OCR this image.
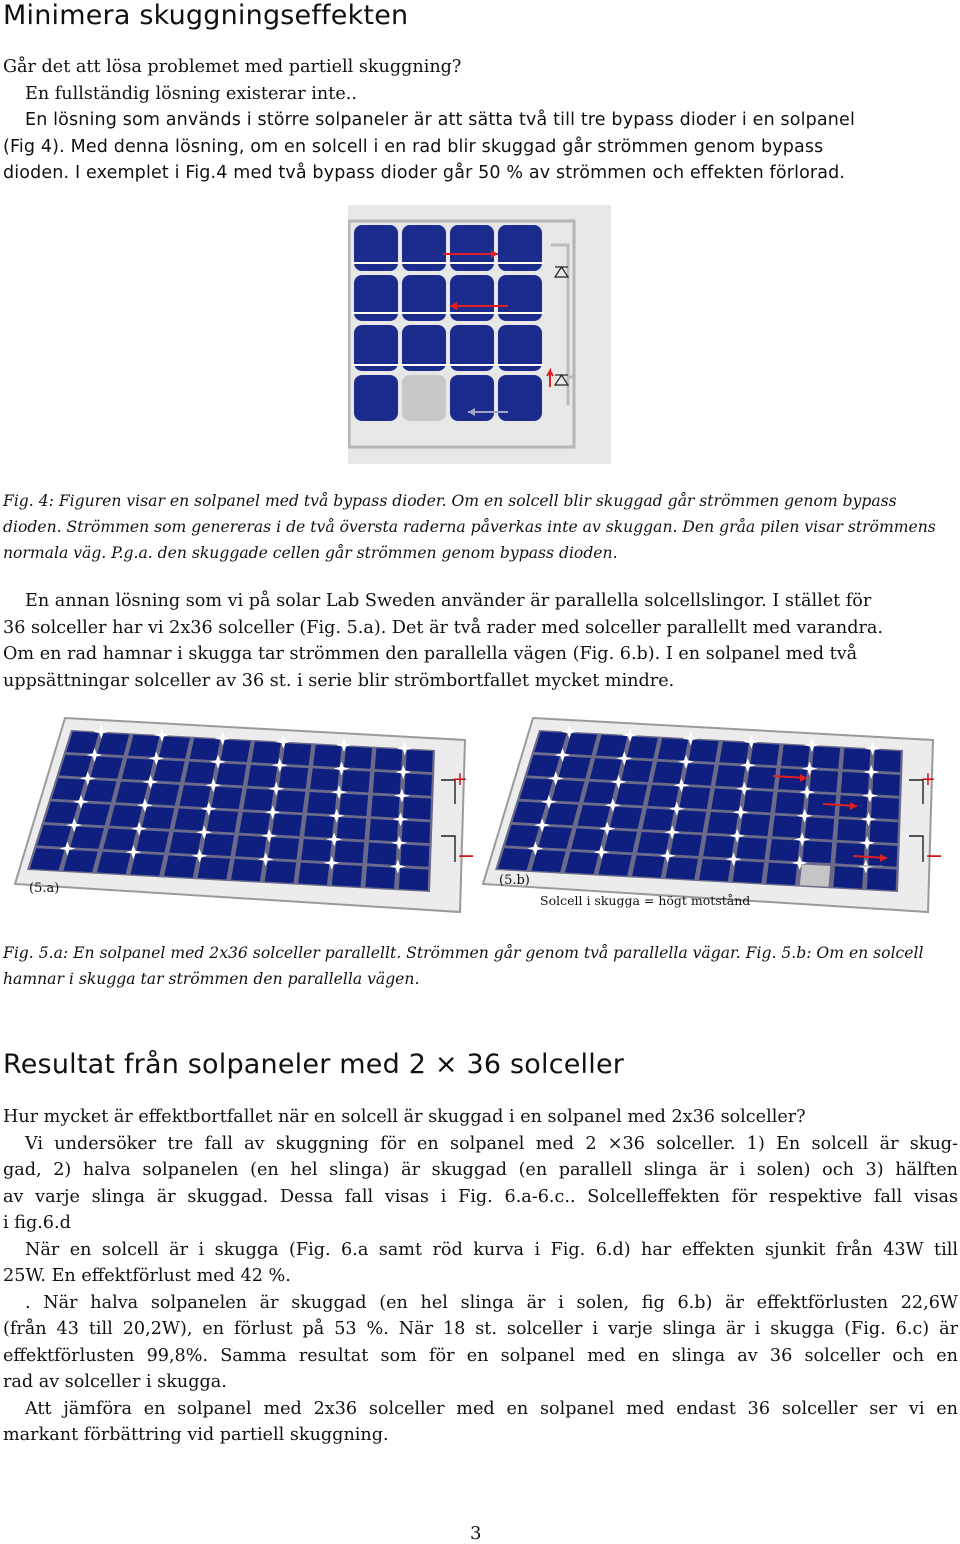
Minimera skuggningseffekten
Går det att lösa problemet med partiell skuggning?
En fullständig lösning existerar inte..
En lösning som används i större solpaneler är att sätta två till tre bypass dioder i en solpanel
(Fig 4). Med denna lösning, om en solcell i en rad blir skuggad går strömmen genom bypass
dioden. I exemplet i Fig.4 med två bypass dioder går 50 % av strömmen och effekten förlorad.
Fig. 4: Figuren visar en solpanel med två bypass dioder. Om en solcell blir skuggad går strömmen genom bypass
dioden. Strömmen som genereras i de två översta raderna påverkas inte av skuggan. Den gråa pilen visar strömmens
normala väg. P.g.a. den skuggade cellen går strömmen genom bypass dioden.
En annan lösning som vi på solar Lab Sweden använder är parallella solcellslingor. I stället för
36 solceller har vi 2x36 solceller (Fig. 5.a). Det är två rader med solceller parallellt med varandra.
Om en rad hamnar i skugga tar strömmen den parallella vägen (Fig. 6.b). I en solpanel med två
uppsättningar solceller av 36 st. i serie blir strömbortfallet mycket mindre.
(5.a)
(5.b)
Solcell i skugga = högt motstånd
+
−
+
−
Fig. 5.a: En solpanel med 2x36 solceller parallellt. Strömmen går genom två parallella vägar. Fig. 5.b: Om en solcell
hamnar i skugga tar strömmen den parallella vägen.
Resultat från solpaneler med 2 × 36 solceller
Hur mycket är effektbortfallet när en solcell är skuggad i en solpanel med 2x36 solceller?
Vi undersöker tre fall av skuggning för en solpanel med 2 ×36 solceller. 1) En solcell är skug-
gad, 2) halva solpanelen (en hel slinga) är skuggad (en parallell slinga är i solen) och 3) hälften
av varje slinga är skuggad. Dessa fall visas i Fig. 6.a-6.c.. Solcelleffekten för respektive fall visas
i fig.6.d
När en solcell är i skugga (Fig. 6.a samt röd kurva i Fig. 6.d) har effekten sjunkit från 43W till
25W. En effektförlust med 42 %.
. När halva solpanelen är skuggad (en hel slinga är i solen, fig 6.b) är effektförlusten 22,6W
(från 43 till 20,2W), en förlust på 53 %. När 18 st. solceller i varje slinga är i skugga (Fig. 6.c) är
effektförlusten 99,8%. Samma resultat som för en solpanel med en slinga av 36 solceller och en
rad av solceller i skugga.
Att jämföra en solpanel med 2x36 solceller med en solpanel med endast 36 solceller ser vi en
markant förbättring vid partiell skuggning.
3
